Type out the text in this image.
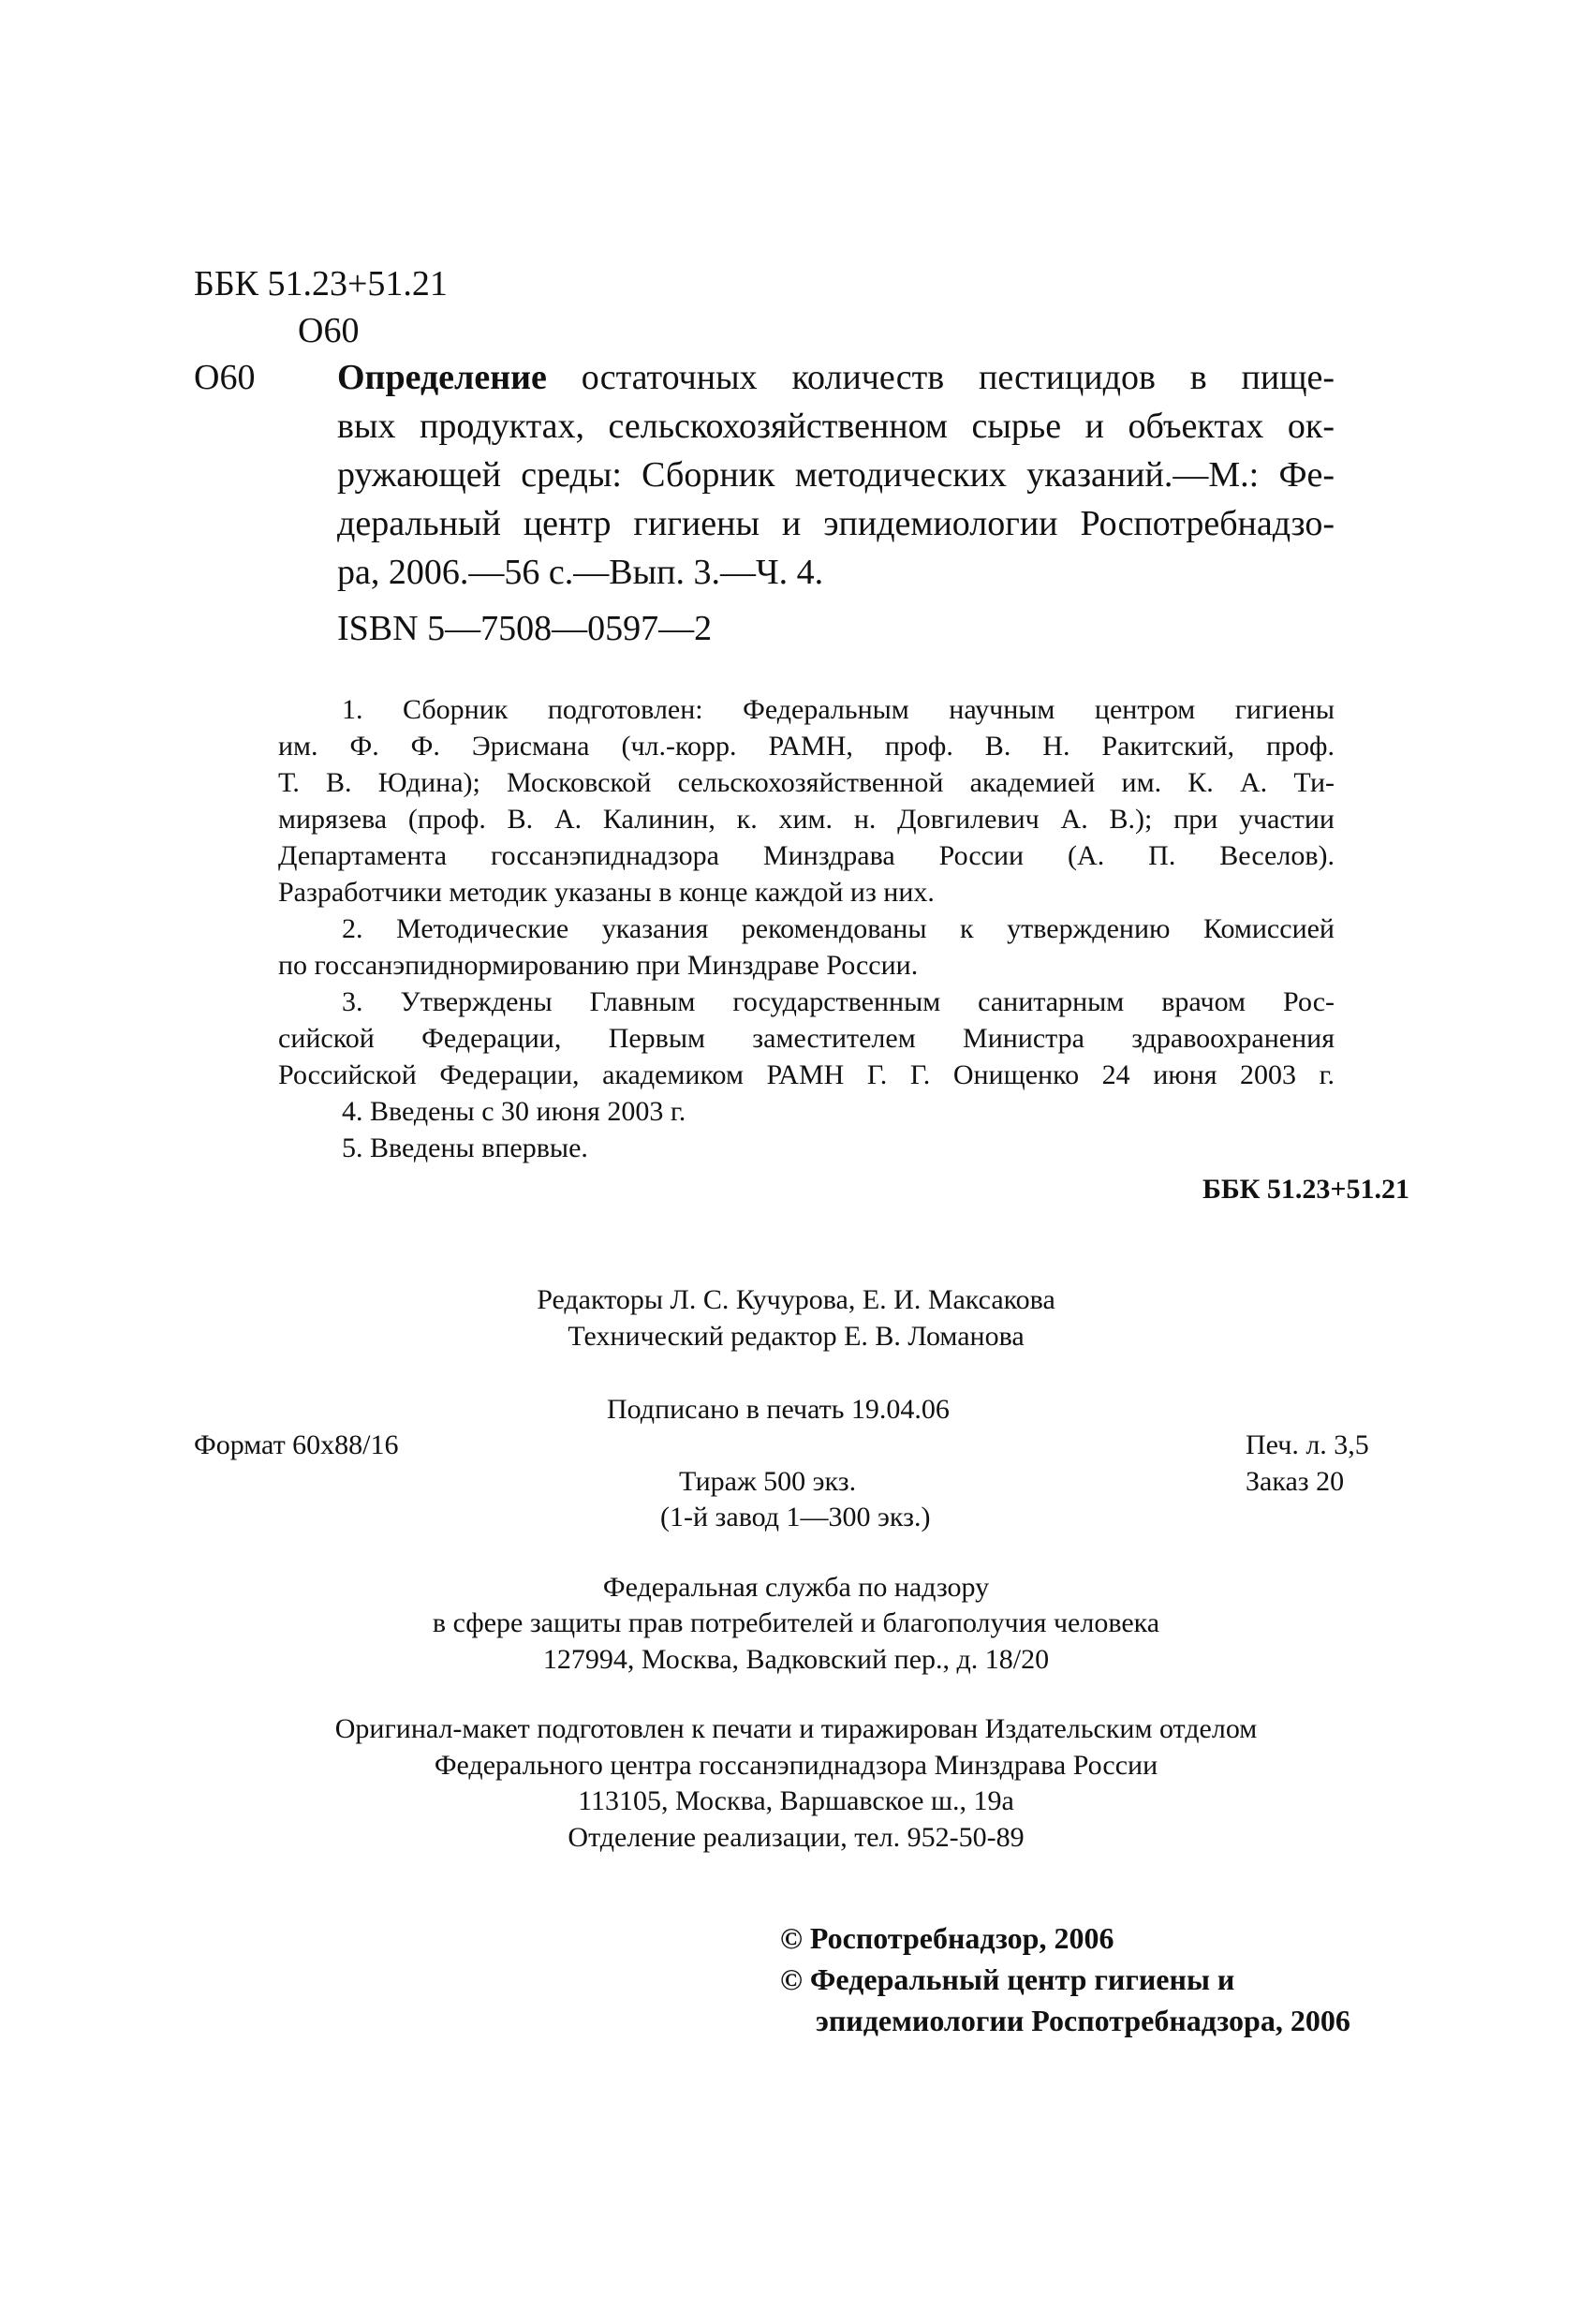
ББК 51.23+51.21
О60
О60 Определение остаточных количеств пестицидов в пище-
вых продуктах, сельскохозяйственном сырье и объектах ок-
ружающей среды: Сборник методических указаний.—М.: Фе-
деральный центр гигиены и эпидемиологии Роспотребнадзо-
ра, 2006.—56 с.—Вып. 3.—Ч. 4.
ISBN 5—7508—0597—2
1. Сборник подготовлен: Федеральным научным центром гигиены
им. Ф. Ф. Эрисмана (чл.-корр. РАМН, проф. В. Н. Ракитский, проф.
Т. В. Юдина); Московской сельскохозяйственной академией им. К. А. Ти-
мирязева (проф. В. А. Калинин, к. хим. н. Довгилевич А. В.); при участии
Департамента госсанэпиднадзора Минздрава России (А. П. Веселов).
Разработчики методик указаны в конце каждой из них.
2. Методические указания рекомендованы к утверждению Комиссией
по госсанэпиднормированию при Минздраве России.
3. Утверждены Главным государственным санитарным врачом Рос-
сийской Федерации, Первым заместителем Министра здравоохранения
Российской Федерации, академиком РАМН Г. Г. Онищенко 24 июня 2003 г.
4. Введены с 30 июня 2003 г.
5. Введены впервые.
ББК 51.23+51.21
Редакторы Л. С. Кучурова, Е. И. Максакова
Технический редактор Е. В. Ломанова
Подписано в печать 19.04.06
Формат 60x88/16	Печ. л. 3,5
Тираж 500 экз.	Заказ 20
(1-й завод 1—300 экз.)
Федеральная служба по надзору
в сфере защиты прав потребителей и благополучия человека
127994, Москва, Вадковский пер., д. 18/20
Оригинал-макет подготовлен к печати и тиражирован Издательским отделом
Федерального центра госсанэпиднадзора Минздрава России
113105, Москва, Варшавское ш., 19а
Отделение реализации, тел. 952-50-89
© Роспотребнадзор, 2006
© Федеральный центр гигиены и
эпидемиологии Роспотребнадзора, 2006
